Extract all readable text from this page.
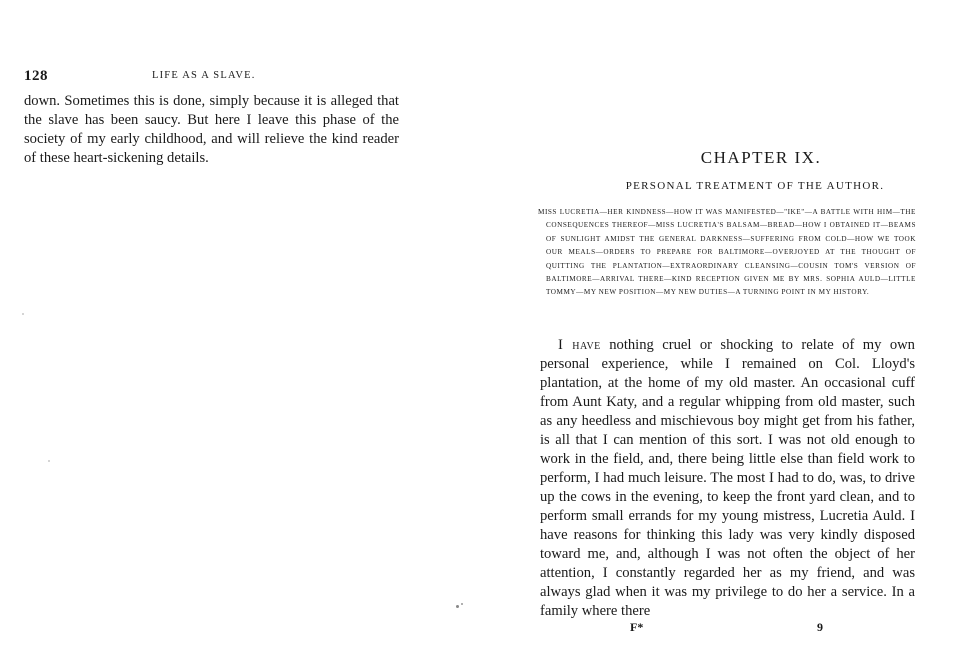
128	LIFE AS A SLAVE.

down. Sometimes this is done, simply because it is alleged that the slave has been saucy. But here I leave this phase of the society of my early childhood, and will relieve the kind reader of these heart-sickening details.	CHAPTER IX.
PERSONAL TREATMENT OF THE AUTHOR.
MISS LUCRETIA—HER KINDNESS—HOW IT WAS MANIFESTED—"IKE"—A BATTLE WITH HIM—THE CONSEQUENCES THEREOF—MISS LUCRETIA'S BALSAM—BREAD—HOW I OBTAINED IT—BEAMS OF SUNLIGHT AMIDST THE GENERAL DARKNESS—SUFFERING FROM COLD—HOW WE TOOK OUR MEALS—ORDERS TO PREPARE FOR BALTIMORE—OVERJOYED AT THE THOUGHT OF QUITTING THE PLANTATION—EXTRAORDINARY CLEANSING—COUSIN TOM'S VERSION OF BALTIMORE—ARRIVAL THERE—KIND RECEPTION GIVEN ME BY MRS. SOPHIA AULD—LITTLE TOMMY—MY NEW POSITION—MY NEW DUTIES—A TURNING POINT IN MY HISTORY.

I have nothing cruel or shocking to relate of my own personal experience, while I remained on Col. Lloyd's plantation, at the home of my old master. An occasional cuff from Aunt Katy, and a regular whipping from old master, such as any heedless and mischievous boy might get from his father, is all that I can mention of this sort. I was not old enough to work in the field, and, there being little else than field work to perform, I had much leisure. The most I had to do, was, to drive up the cows in the evening, to keep the front yard clean, and to perform small errands for my young mistress, Lucretia Auld. I have reasons for thinking this lady was very kindly disposed toward me, and, although I was not often the object of her attention, I constantly regarded her as my friend, and was always glad when it was my privilege to do her a service. In a family where there

F*	9
